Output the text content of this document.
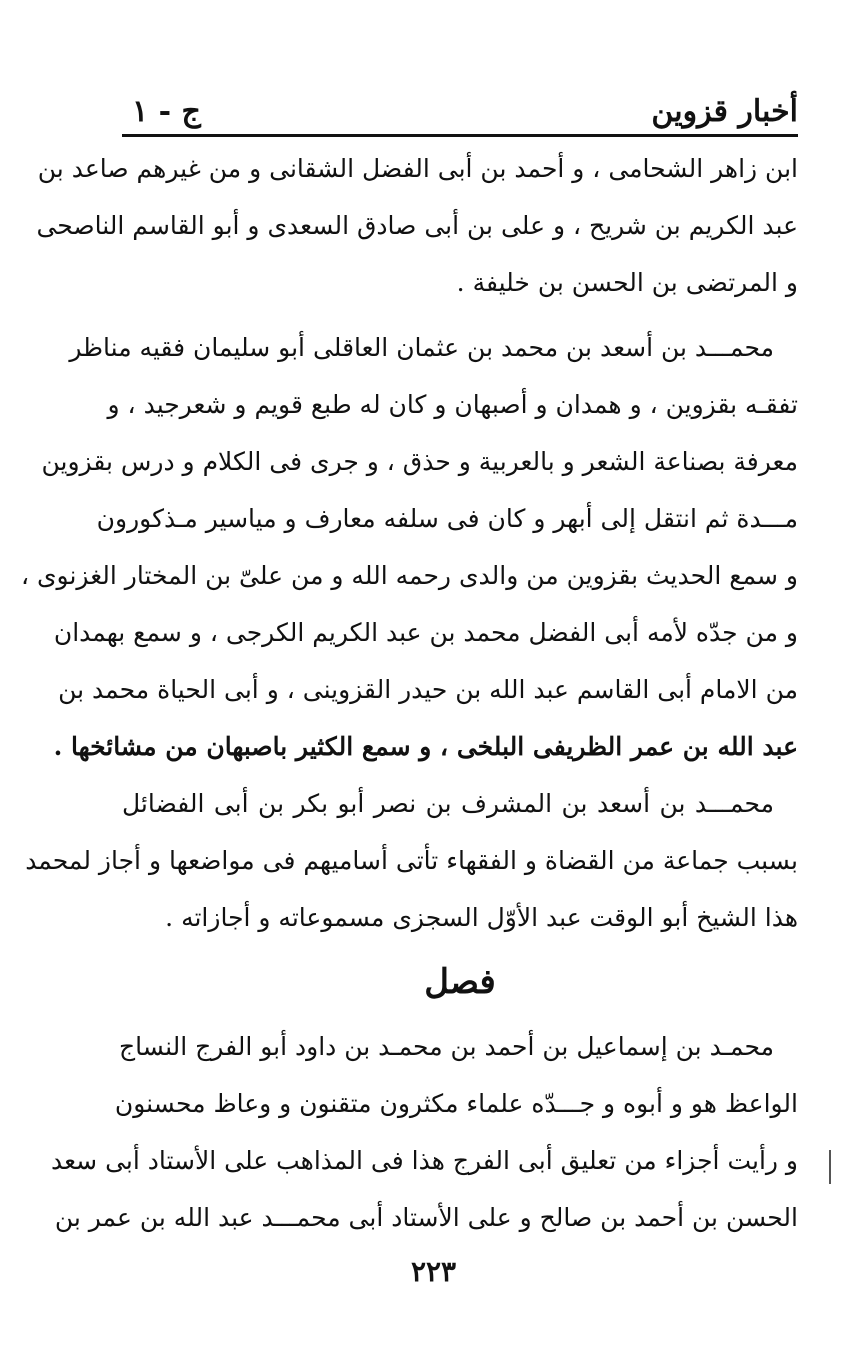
أخبار قزوين
ج - ١
ابن زاهر الشحامى ، و أحمد بن أبى الفضل الشقانى و من غيرهم صاعد بن
عبد الكريم بن شريح ، و على بن أبى صادق السعدى و أبو القاسم الناصحى
و المرتضى بن الحسن بن خليفة .
محمـــد بن أسعد بن محمد بن عثمان العاقلى أبو سليمان فقيه مناظر
تفقـه بقزوين ، و همدان و أصبهان و كان له طبع قويم و شعرجيد ، و
معرفة بصناعة الشعر و بالعربية و حذق ، و جرى فى الكلام و درس بقزوين
مـــدة ثم انتقل إلى أبهر و كان فى سلفه معارف و مياسير مـذكورون
و سمع الحديث بقزوين من والدى رحمه الله و من علىّ بن المختار الغزنوى ،
و من جدّه لأمه أبى الفضل محمد بن عبد الكريم الكرجى ، و سمع بهمدان
من الامام أبى القاسم عبد الله بن حيدر القزوينى ، و أبى الحياة محمد بن
عبد الله بن عمر الظريفى البلخى ، و سمع الكثير باصبهان من مشائخها .
محمـــد بن أسعد بن المشرف بن نصر أبو بكر بن أبى الفضائل
بسبب جماعة من القضاة و الفقهاء تأتى أساميهم فى مواضعها و أجاز لمحمد
هذا الشيخ أبو الوقت عبد الأوّل السجزى مسموعاته و أجازاته .
فصل
محمـد بن إسماعيل بن أحمد بن محمـد بن داود أبو الفرج النساج
الواعظ هو و أبوه و جـــدّه علماء مكثرون متقنون و وعاظ محسنون
و رأيت أجزاء من تعليق أبى الفرج هذا فى المذاهب على الأستاد أبى سعد
الحسن بن أحمد بن صالح و على الأستاد أبى محمـــد عبد الله بن عمر بن
٢٢٣
